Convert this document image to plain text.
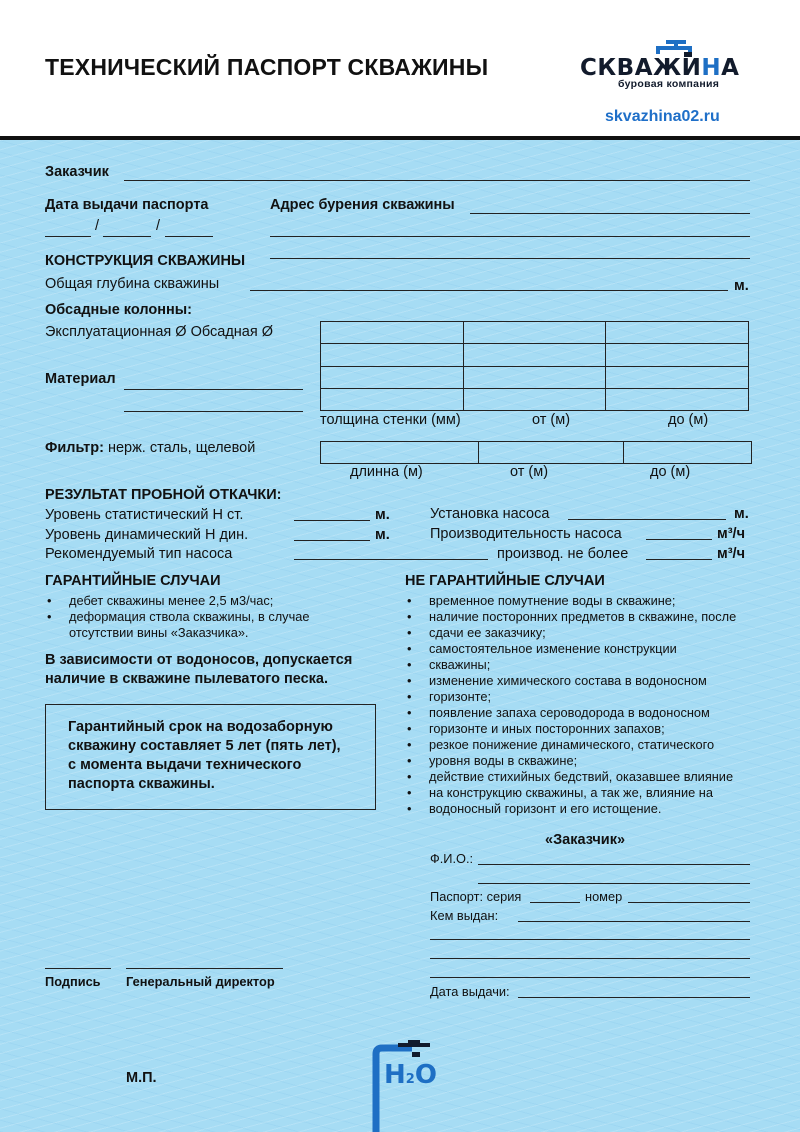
ТЕХНИЧЕСКИЙ ПАСПОРТ СКВАЖИНЫ	СКВАЖИНА
буровая компания
skvazhina02.ru
Заказчик
Дата выдачи паспорта
/	/
Адрес бурения скважины
КОНСТРУКЦИЯ СКВАЖИНЫ
Общая глубина скважины	м.
Обсадные колонны:
Эксплуатационная Ø Обсадная Ø

толщина стенки (мм)	от (м)	до (м)
Материал
Фильтр: нерж. сталь, щелевой

длинна (м)	от (м)	до (м)
РЕЗУЛЬТАТ ПРОБНОЙ ОТКАЧКИ:
Уровень статистический H ст.	м.
Уровень динамический H дин.	м.
Рекомендуемый тип насоса
Установка насоса	м.
Производительность насоса	м³/ч
производ. не более	м³/ч
ГАРАНТИЙНЫЕ СЛУЧАИ
• дебет скважины менее 2,5 м3/час;
• деформация ствола скважины, в случае
отсутствии вины «Заказчика».
В зависимости от водоносов, допускается
наличие в скважине пылеватого песка.
Гарантийный срок на водозаборную
скважину составляет 5 лет (пять лет),
с момента выдачи технического
паспорта скважины.
НЕ ГАРАНТИЙНЫЕ СЛУЧАИ
• временное помутнение воды в скважине;
• наличие посторонних предметов в скважине, после
• сдачи ее заказчику;
• самостоятельное изменение конструкции
• скважины;
• изменение химического состава в водоносном
• горизонте;
• появление запаха сероводорода в водоносном
• горизонте и иных посторонних запахов;
• резкое понижение динамического, статического
• уровня воды в скважине;
• действие стихийных бедствий, оказавшее влияние
• на конструкцию скважины, а так же, влияние на
• водоносный горизонт и его истощение.
«Заказчик»
Ф.И.О.:
Паспорт: серия	номер
Кем выдан:
Дата выдачи:
Подпись Генеральный директор
М.П.	H2O
